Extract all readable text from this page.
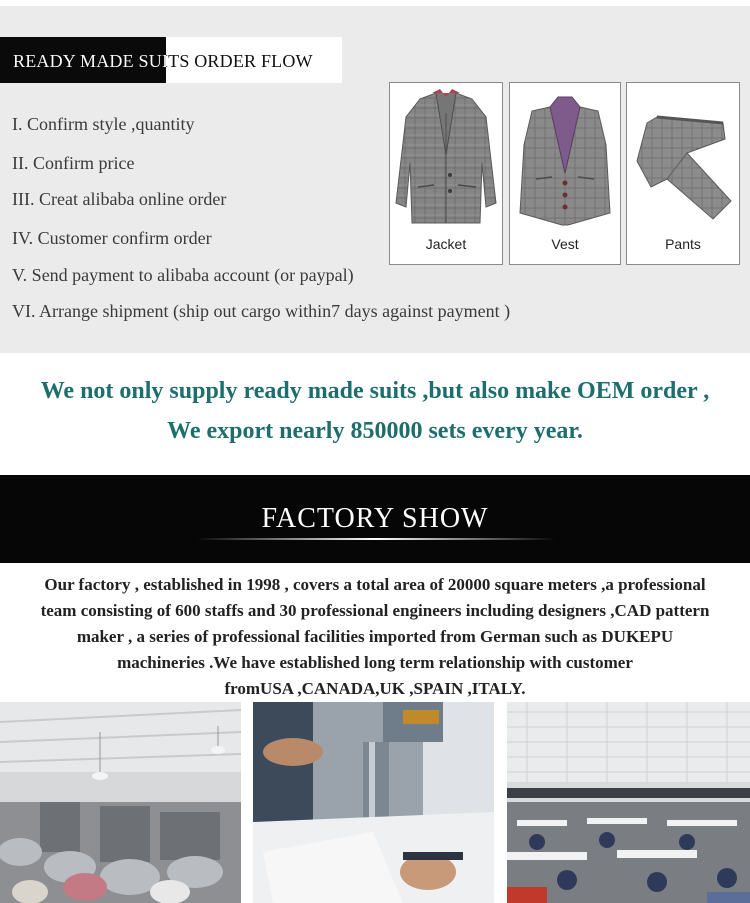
READY MADE SUITS ORDER FLOW
I. Confirm style ,quantity
II. Confirm price
III. Creat alibaba online order
IV. Customer confirm order
V. Send payment to alibaba account (or paypal)
VI. Arrange shipment (ship out cargo within7 days against payment )
Jacket	Vest	Pants
We not only supply ready made suits ,but also make OEM order ,
We export nearly 850000 sets every year.
FACTORY SHOW
Our factory , established in 1998 , covers a total area of 20000 square meters ,a professional
team consisting of 600 staffs and 30 professional engineers including designers ,CAD pattern
maker , a series of professional facilities imported from German such as DUKEPU
machineries .We have established long term relationship with customer
fromUSA ,CANADA,UK ,SPAIN ,ITALY.
